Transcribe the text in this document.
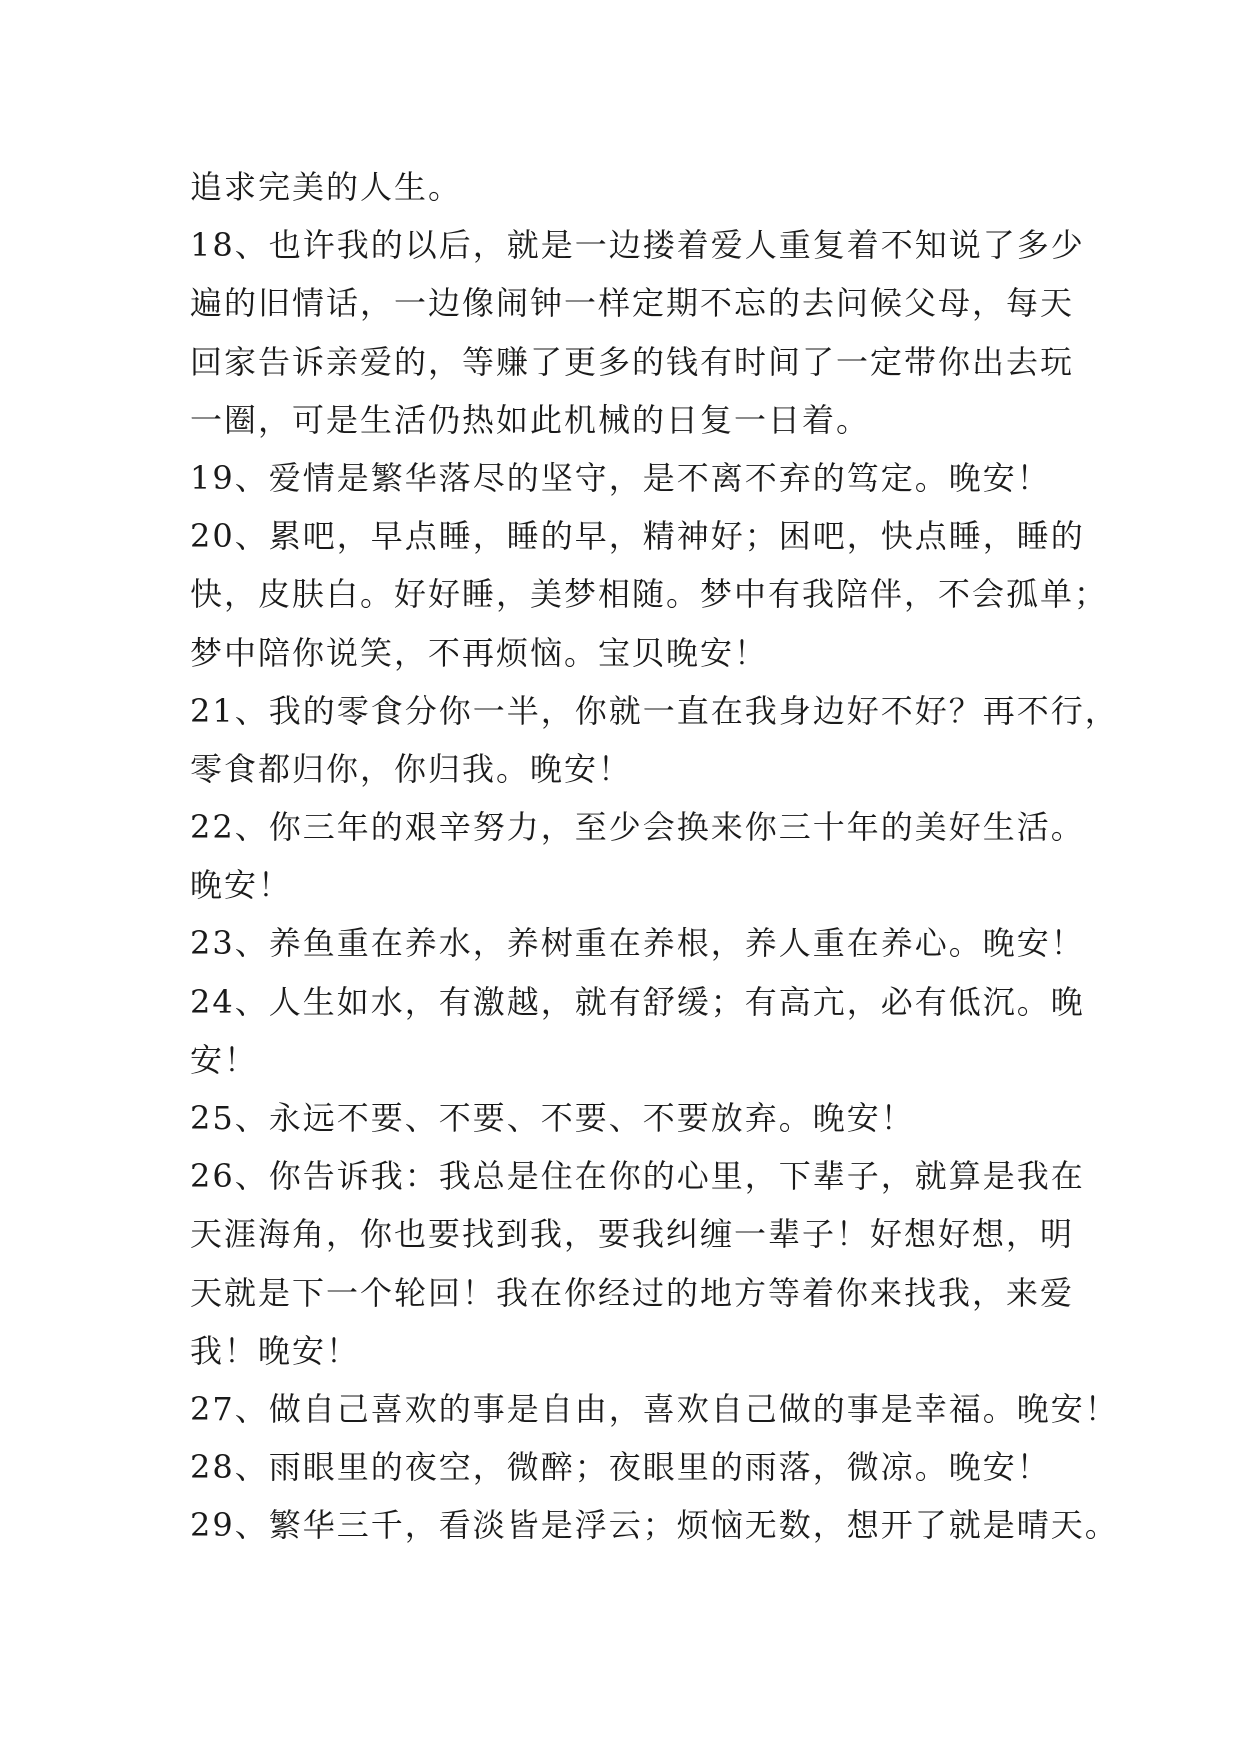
追求完美的人生。
18、也许我的以后，就是一边搂着爱人重复着不知说了多少
遍的旧情话，一边像闹钟一样定期不忘的去问候父母，每天
回家告诉亲爱的，等赚了更多的钱有时间了一定带你出去玩
一圈，可是生活仍热如此机械的日复一日着。
19、爱情是繁华落尽的坚守，是不离不弃的笃定。晚安！
20、累吧，早点睡，睡的早，精神好；困吧，快点睡，睡的
快，皮肤白。好好睡，美梦相随。梦中有我陪伴，不会孤单；
梦中陪你说笑，不再烦恼。宝贝晚安！
21、我的零食分你一半，你就一直在我身边好不好？再不行，
零食都归你，你归我。晚安！
22、你三年的艰辛努力，至少会换来你三十年的美好生活。
晚安！
23、养鱼重在养水，养树重在养根，养人重在养心。晚安！
24、人生如水，有激越，就有舒缓；有高亢，必有低沉。晚
安！
25、永远不要、不要、不要、不要放弃。晚安！
26、你告诉我：我总是住在你的心里，下辈子，就算是我在
天涯海角，你也要找到我，要我纠缠一辈子！好想好想，明
天就是下一个轮回！我在你经过的地方等着你来找我，来爱
我！晚安！
27、做自己喜欢的事是自由，喜欢自己做的事是幸福。晚安！
28、雨眼里的夜空，微醉；夜眼里的雨落，微凉。晚安！
29、繁华三千，看淡皆是浮云；烦恼无数，想开了就是晴天。
